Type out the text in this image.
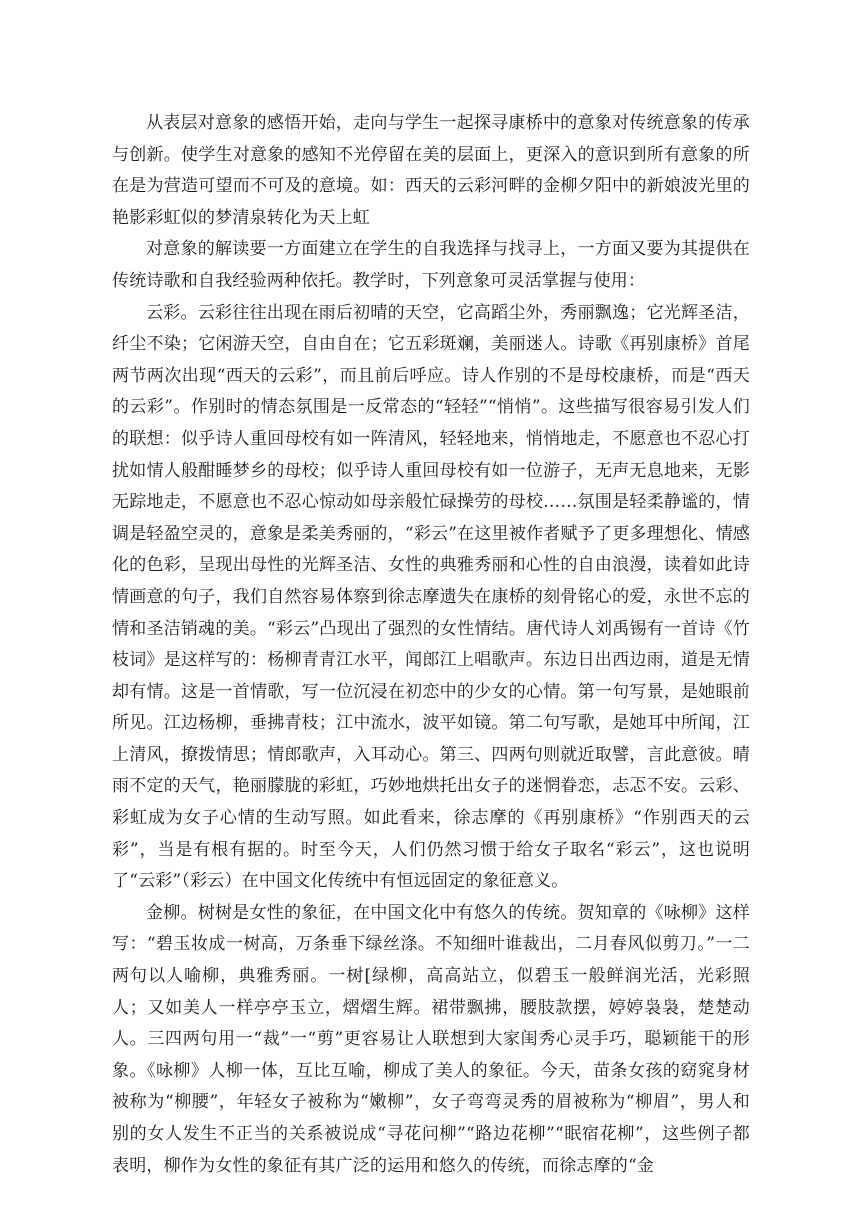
从表层对意象的感悟开始，走向与学生一起探寻康桥中的意象对传统意象的传承与创新。使学生对意象的感知不光停留在美的层面上，更深入的意识到所有意象的所在是为营造可望而不可及的意境。如：西天的云彩河畔的金柳夕阳中的新娘波光里的艳影彩虹似的梦清泉转化为天上虹

对意象的解读要一方面建立在学生的自我选择与找寻上，一方面又要为其提供在传统诗歌和自我经验两种依托。教学时，下列意象可灵活掌握与使用：

云彩。云彩往往出现在雨后初晴的天空，它高蹈尘外，秀丽飘逸；它光辉圣洁，纤尘不染；它闲游天空，自由自在；它五彩斑斓，美丽迷人。诗歌《再别康桥》首尾两节两次出现“西天的云彩”，而且前后呼应。诗人作别的不是母校康桥，而是“西天的云彩”。作别时的情态氛围是一反常态的“轻轻”“悄悄”。这些描写很容易引发人们的联想：似乎诗人重回母校有如一阵清风，轻轻地来，悄悄地走，不愿意也不忍心打扰如情人般酣睡梦乡的母校；似乎诗人重回母校有如一位游子，无声无息地来，无影无踪地走，不愿意也不忍心惊动如母亲般忙碌操劳的母校……氛围是轻柔静谧的，情调是轻盈空灵的，意象是柔美秀丽的，“彩云”在这里被作者赋予了更多理想化、情感化的色彩，呈现出母性的光辉圣洁、女性的典雅秀丽和心性的自由浪漫，读着如此诗情画意的句子，我们自然容易体察到徐志摩遗失在康桥的刻骨铭心的爱，永世不忘的情和圣洁销魂的美。“彩云”凸现出了强烈的女性情结。唐代诗人刘禹锡有一首诗《竹枝词》是这样写的：杨柳青青江水平，闻郎江上唱歌声。东边日出西边雨，道是无情却有情。这是一首情歌，写一位沉浸在初恋中的少女的心情。第一句写景，是她眼前所见。江边杨柳，垂拂青枝；江中流水，波平如镜。第二句写歌，是她耳中所闻，江上清风，撩拨情思；情郎歌声，入耳动心。第三、四两句则就近取譬，言此意彼。晴雨不定的天气，艳丽朦胧的彩虹，巧妙地烘托出女子的迷惘眷恋，忐忑不安。云彩、彩虹成为女子心情的生动写照。如此看来，徐志摩的《再别康桥》“作别西天的云彩”，当是有根有据的。时至今天，人们仍然习惯于给女子取名“彩云”，这也说明了“云彩”（彩云）在中国文化传统中有恒远固定的象征意义。

金柳。树树是女性的象征，在中国文化中有悠久的传统。贺知章的《咏柳》这样写：“碧玉妆成一树高，万条垂下绿丝涤。不知细叶谁裁出，二月春风似剪刀。”一二两句以人喻柳，典雅秀丽。一树[绿柳，高高站立，似碧玉一般鲜润光活，光彩照人；又如美人一样亭亭玉立，熠熠生辉。裙带飘拂，腰肢款摆，婷婷袅袅，楚楚动人。三四两句用一“裁”一“剪”更容易让人联想到大家闺秀心灵手巧，聪颖能干的形象。《咏柳》人柳一体，互比互喻，柳成了美人的象征。今天，苗条女孩的窈窕身材被称为“柳腰”，年轻女子被称为“嫩柳”，女子弯弯灵秀的眉被称为“柳眉”，男人和别的女人发生不正当的关系被说成“寻花问柳”“路边花柳”“眠宿花柳”，这些例子都表明，柳作为女性的象征有其广泛的运用和悠久的传统，而徐志摩的“金
